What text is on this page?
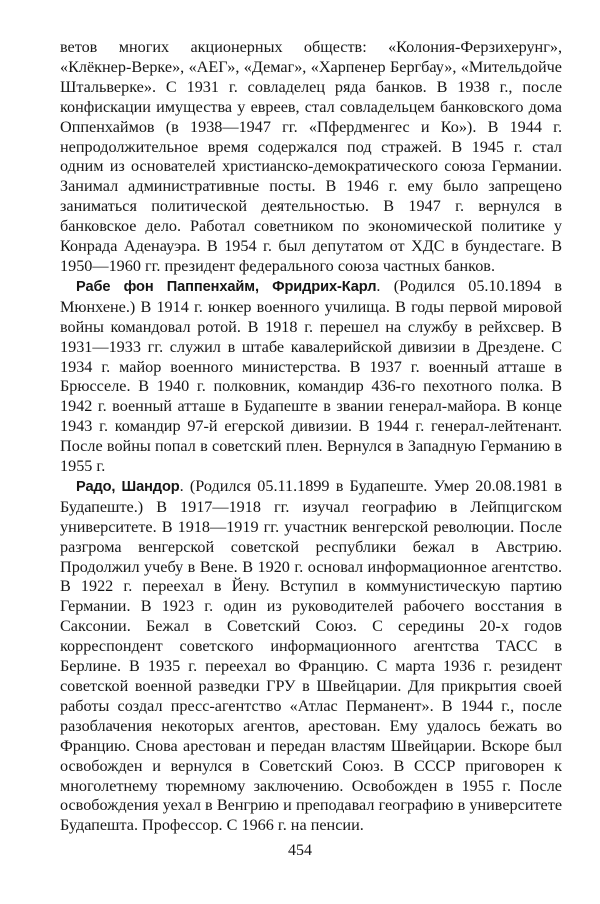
ветов многих акционерных обществ: «Колония-Ферзихерунг», «Клёкнер-Верке», «АЕГ», «Демаг», «Харпенер Бергбау», «Мительдойче Штальверке». С 1931 г. совладелец ряда банков. В 1938 г., после конфискации имущества у евреев, стал совладельцем банковского дома Оппенхаймов (в 1938—1947 гг. «Пфердменгес и Ко»). В 1944 г. непродолжительное время содержался под стражей. В 1945 г. стал одним из основателей христианско-демократического союза Германии. Занимал административные посты. В 1946 г. ему было запрещено заниматься политической деятельностью. В 1947 г. вернулся в банковское дело. Работал советником по экономической политике у Конрада Аденауэра. В 1954 г. был депутатом от ХДС в бундестаге. В 1950—1960 гг. президент федерального союза частных банков.

Рабе фон Паппенхайм, Фридрих-Карл. (Родился 05.10.1894 в Мюнхене.) В 1914 г. юнкер военного училища. В годы первой мировой войны командовал ротой. В 1918 г. перешел на службу в рейхсвер. В 1931—1933 гг. служил в штабе кавалерийской дивизии в Дрездене. С 1934 г. майор военного министерства. В 1937 г. военный атташе в Брюсселе. В 1940 г. полковник, командир 436-го пехотного полка. В 1942 г. военный атташе в Будапеште в звании генерал-майора. В конце 1943 г. командир 97-й егерской дивизии. В 1944 г. генерал-лейтенант. После войны попал в советский плен. Вернулся в Западную Германию в 1955 г.

Радо, Шандор. (Родился 05.11.1899 в Будапеште. Умер 20.08.1981 в Будапеште.) В 1917—1918 гг. изучал географию в Лейпцигском университете. В 1918—1919 гг. участник венгерской революции. После разгрома венгерской советской республики бежал в Австрию. Продолжил учебу в Вене. В 1920 г. основал информационное агентство. В 1922 г. переехал в Йену. Вступил в коммунистическую партию Германии. В 1923 г. один из руководителей рабочего восстания в Саксонии. Бежал в Советский Союз. С середины 20-х годов корреспондент советского информационного агентства ТАСС в Берлине. В 1935 г. переехал во Францию. С марта 1936 г. резидент советской военной разведки ГРУ в Швейцарии. Для прикрытия своей работы создал пресс-агентство «Атлас Перманент». В 1944 г., после разоблачения некоторых агентов, арестован. Ему удалось бежать во Францию. Снова арестован и передан властям Швейцарии. Вскоре был освобожден и вернулся в Советский Союз. В СССР приговорен к многолетнему тюремному заключению. Освобожден в 1955 г. После освобождения уехал в Венгрию и преподавал географию в университете Будапешта. Профессор. С 1966 г. на пенсии.

454
